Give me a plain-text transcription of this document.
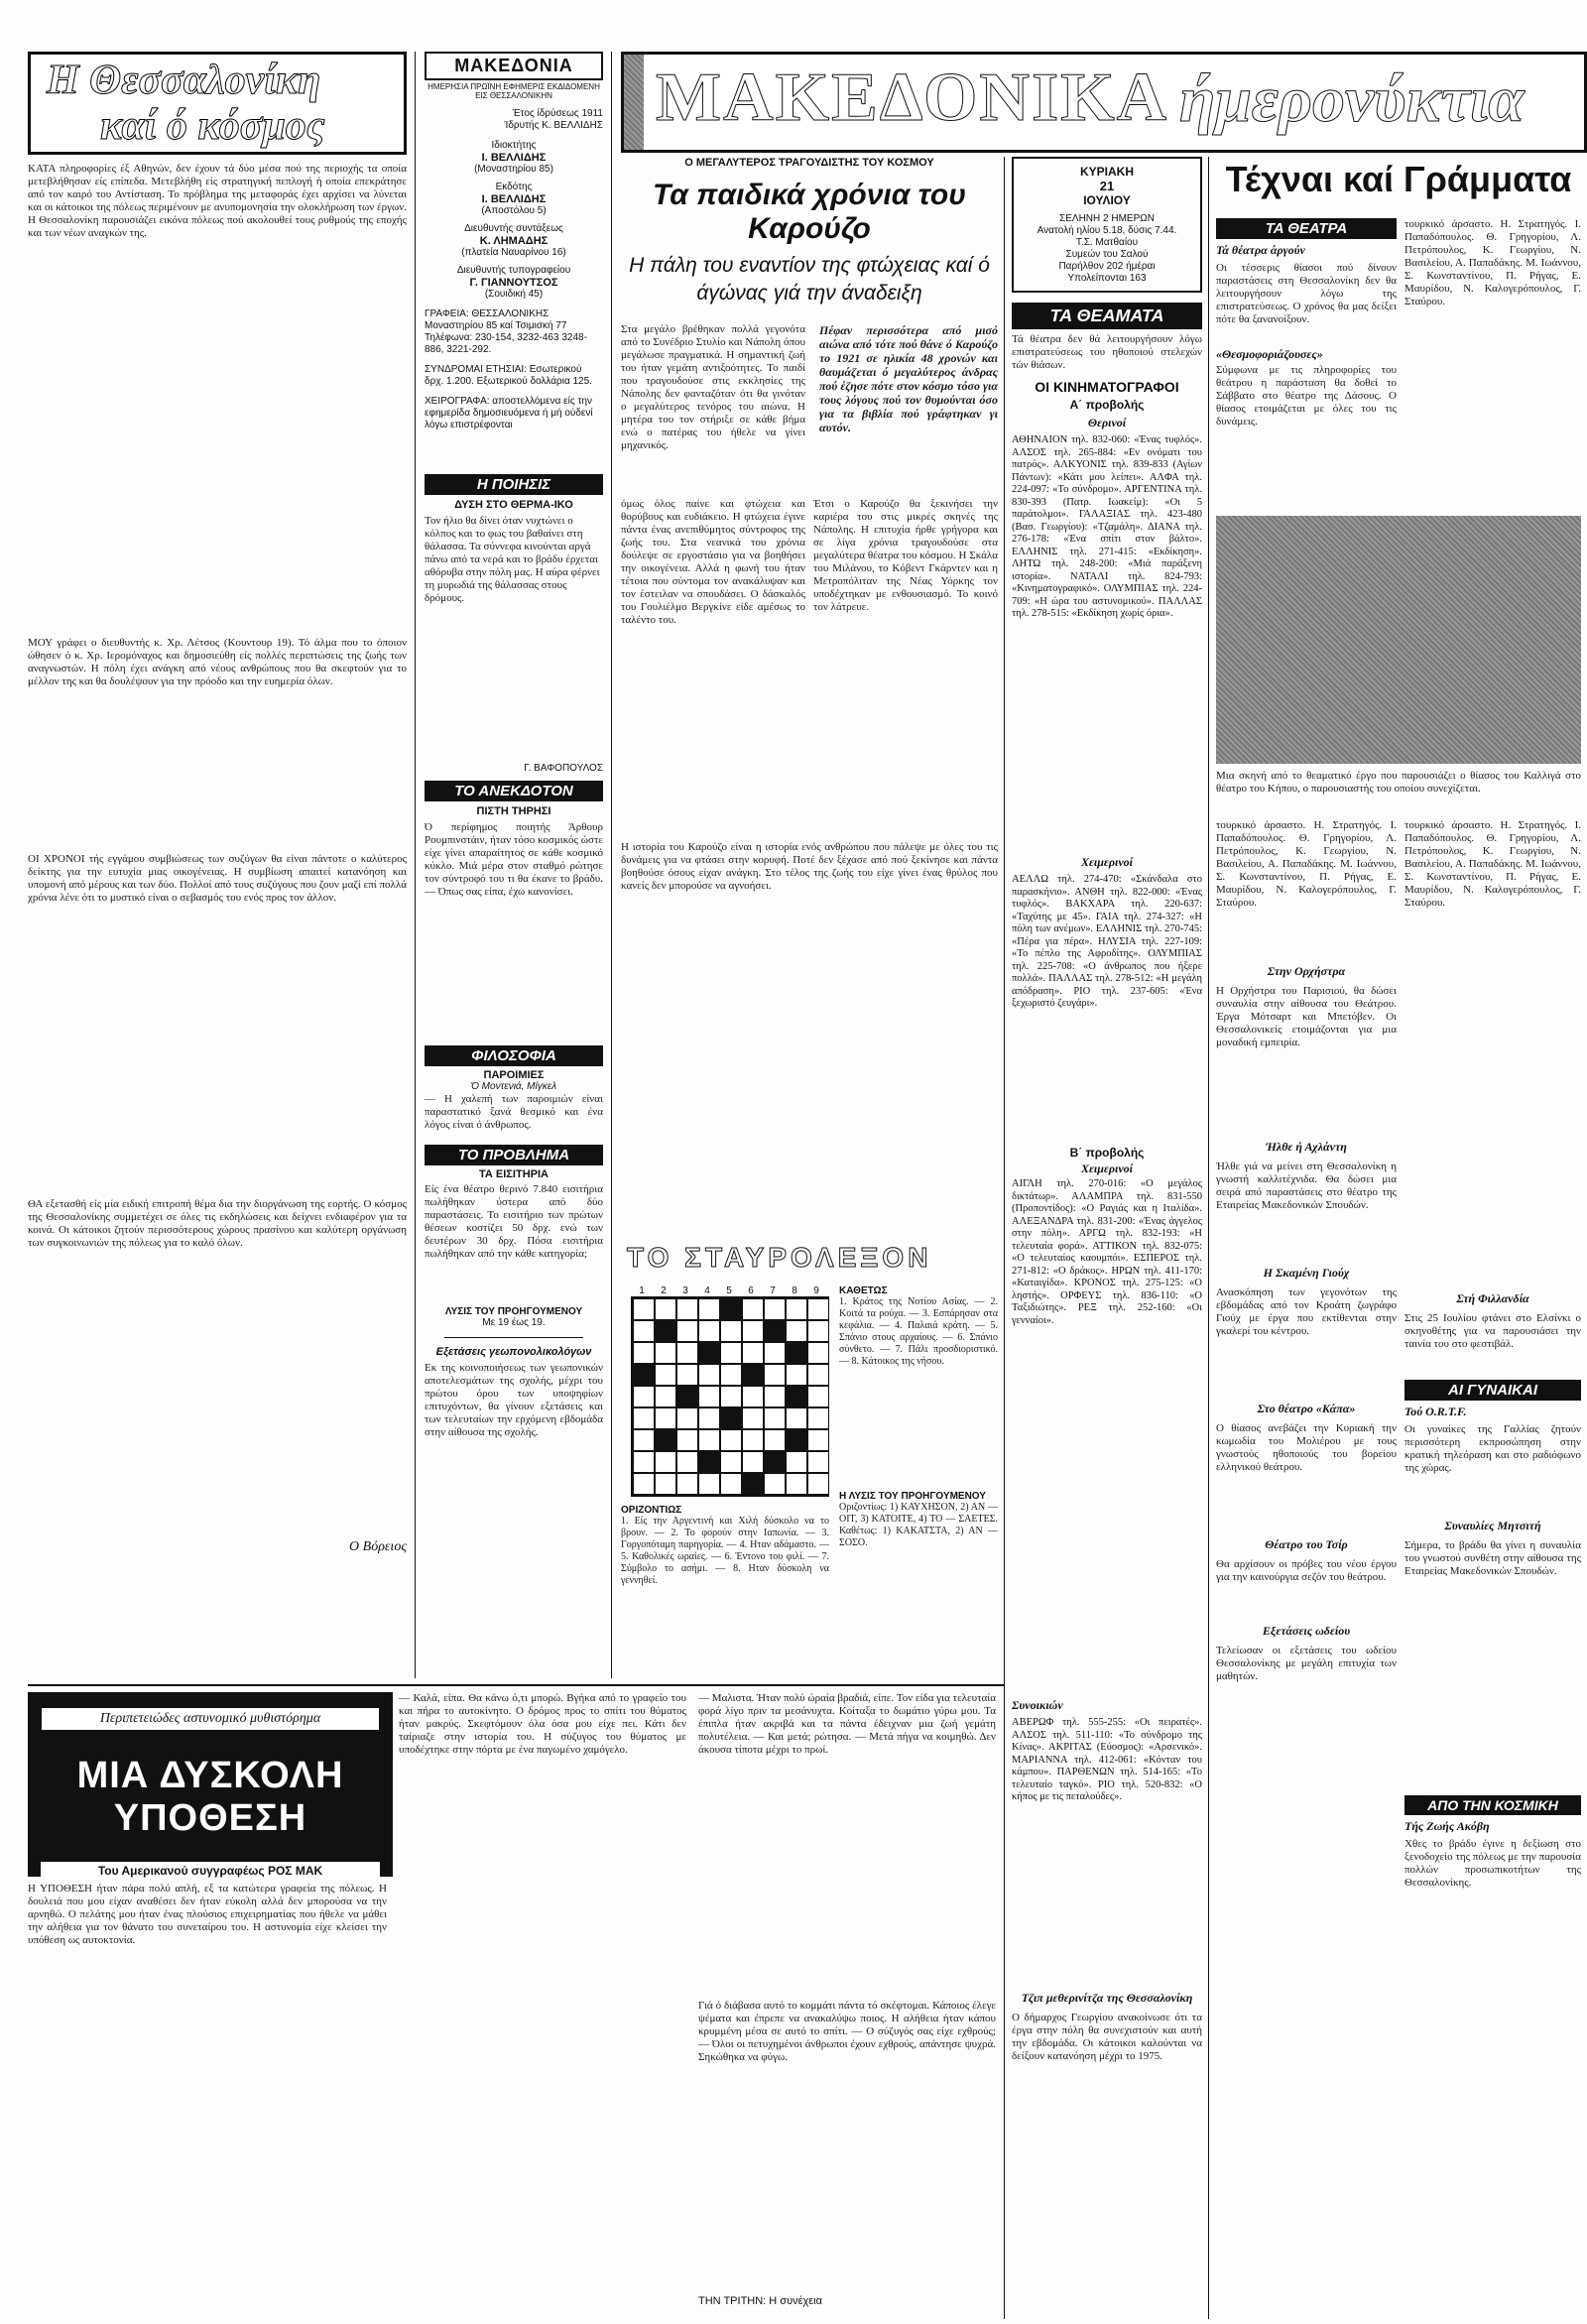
Η Θεσσαλονίκη
καί ό κόσμος
ΚΑΤΑ πληροφορίες έξ Αθηνών, δεν έχουν τά δύο μέσα πού της περιοχής τα οποία μετεβλήθησαν είς επίπεδα. Μετεβλήθη είς στρατηγική πεπλογή ή οποία επεκράτησε από τον καιρό του Αντίσταση. Το πρόβλημα της μεταφοράς έχει αρχίσει να λύνεται και οι κάτοικοι της πόλεως περιμένουν με ανυπομονησία την ολοκλήρωση των έργων. Η Θεσσαλονίκη παρουσιάζει εικόνα πόλεως πού ακολουθεί τους ρυθμούς της εποχής και των νέων αναγκών της.
ΜΟΥ γράφει ο διευθυντής κ. Χρ. Λέτσος (Κουντουρ 19). Τό άλμα που το όποιον ώθησεν ό κ. Χρ. Ιερομόναχος και δημοσιεύθη είς πολλές περιπτώσεις της ζωής των αναγνωστών. Η πόλη έχει ανάγκη από νέους ανθρώπους που θα σκεφτούν για το μέλλον της και θα δουλέψουν για την πρόοδο και την ευημερία όλων.
ΟΙ ΧΡΟΝΟΙ τής εγγάμου συμβιώσεως των συζύγων θα είναι πάντοτε ο καλύτερος δείκτης για την ευτυχία μιας οικογένειας. Η συμβίωση απαιτεί κατανόηση και υπομονή από μέρους και των δύο. Πολλοί από τους συζύγους που ζουν μαζί επί πολλά χρόνια λένε ότι το μυστικό είναι ο σεβασμός του ενός προς τον άλλον.
ΘΑ εξετασθή είς μία ειδική επιτροπή θέμα δια την διοργάνωση της εορτής. Ο κόσμος της Θεσσαλονίκης συμμετέχει σε όλες τις εκδηλώσεις και δείχνει ενδιαφέρον για τα κοινά. Οι κάτοικοι ζητούν περισσότερους χώρους πρασίνου και καλύτερη οργάνωση των συγκοινωνιών της πόλεως για το καλό όλων.
Ο Βόρειος
ΜΑΚΕΔΟΝΙΑ
ΗΜΕΡΗΣΙΑ ΠΡΩΪΝΗ ΕΦΗΜΕΡΙΣ ΕΚΔΙΔΟΜΕΝΗ ΕΙΣ ΘΕΣΣΑΛΟΝΙΚΗΝ
Έτος ίδρύσεως 1911
Ίδρυτής Κ. ΒΕΛΛΙΔΗΣ
Ιδιοκτήτης
Ι. ΒΕΛΛΙΔΗΣ
(Μοναστηρίου 85)
Εκδότης
Ι. ΒΕΛΛΙΔΗΣ
(Αποστόλου 5)
Διευθυντής συντάξεως
Κ. ΛΗΜΑΔΗΣ
(πλατεία Ναυαρίνου 16)
Διευθυντής τυπογραφείου
Γ. ΓΙΑΝΝΟΥΤΣΟΣ
(Σουιδική 45)
ΓΡΑΦΕΙΑ: ΘΕΣΣΑΛΟΝΙΚΗΣ Μοναστηρίου 85 καί Τσιμισκή 77 Τηλέφωνα: 230-154, 3232-463 3248-886, 3221-292.
ΣΥΝΔΡΟΜΑΙ ΕΤΗΣΙΑΙ: Εσωτερικού δρχ. 1.200. Εξωτερικού δολλάρια 125.
ΧΕΙΡΟΓΡΑΦΑ: αποστελλόμενα είς την εφημερίδα δημοσιευόμενα ή μή ούδενί λόγω επιστρέφονται
Η ΠΟΙΗΣΙΣ
ΔΥΣΗ ΣΤΟ ΘΕΡΜΑ-ΙΚΟ
Τον ήλιο θα δίνει όταν νυχτώνει ο κόλπος και το φως του βαθαίνει στη θάλασσα. Τα σύννεφα κινούνται αργά πάνω από τα νερά και το βράδυ έρχεται αθόρυβα στην πόλη μας. Η αύρα φέρνει τη μυρωδιά της θάλασσας στους δρόμους.
Γ. ΒΑΦΟΠΟΥΛΟΣ
ΤΟ ΑΝΕΚΔΟΤΟΝ
ΠΙΣΤΗ ΤΗΡΗΣΙ
Ό περίφημος ποιητής Άρθουρ Ρουμπινστάιν, ήταν τόσο κοσμικός ώστε είχε γίνει απαραίτητος σε κάθε κοσμικό κύκλο. Μιά μέρα στον σταθμό ρώτησε τον σύντροφό του τι θα έκανε το βράδυ. — Όπως σας είπα, έχω κανονίσει.
ΦΙΛΟΣΟΦΙΑ
ΠΑΡΟΙΜΙΕΣ
Ό Μοντενιά, Μίγκελ
— Η χαλεπή των παροιμιών είναι παραστατικό ξανά θεσμικό και ένα λόγος είναι ό άνθρωπος.
ΤΟ ΠΡΟΒΛΗΜΑ
ΤΑ ΕΙΣΙΤΗΡΙΑ
Είς ένα θέατρο θερινό 7.840 εισιτήρια πωλήθηκαν ύστερα από δύο παραστάσεις. Το εισιτήριο των πρώτων θέσεων κοστίζει 50 δρχ. ενώ των δευτέρων 30 δρχ. Πόσα εισιτήρια πωλήθηκαν από την κάθε κατηγορία;
ΛΥΣΙΣ ΤΟΥ ΠΡΟΗΓΟΥΜΕΝΟΥ
Με 19 έως 19.
Εξετάσεις γεωπονολικολόγων
Εκ της κοινοποιήσεως των γεωπονικών αποτελεσμάτων της σχολής, μέχρι του πρώτου όρου των υποψηφίων επιτυχόντων, θα γίνουν εξετάσεις και των τελευταίων την ερχόμενη εβδομάδα στην αίθουσα της σχολής.
ΜΑΚΕΔΟΝΙΚΑ ήμερονύκτια
Ο ΜΕΓΑΛΥΤΕΡΟΣ ΤΡΑΓΟΥΔΙΣΤΗΣ ΤΟΥ ΚΟΣΜΟΥ
Τα παιδικά χρόνια του Καρούζο
Η πάλη του εναντίον της φτώχειας καί ό άγώνας γιά την άναδειξη
Πέφαν περισσότερα από μισό αιώνα από τότε πού θάνε ό Καρούζο το 1921 σε ηλικία 48 χρονών και θαυμάζεται ό μεγαλύτερος άνδρας πού έζησε πότε στον κόσμο τόσο για τους λόγους πού τον θυμούνται όσο για τα βιβλία πού γράφτηκαν γι αυτόν.
Στα μεγάλο βρέθηκαν πολλά γεγονότα από το Συνέδριο Στυλίο και Νάπολη όπου μεγάλωσε πραγματικά. Η σημαντική ζωή του ήταν γεμάτη αντιξοότητες. Το παιδί που τραγουδούσε στις εκκλησίες της Νάπολης δεν φανταζόταν ότι θα γινόταν ο μεγαλύτερος τενόρος του αιώνα. Η μητέρα του τον στήριξε σε κάθε βήμα ενώ ο πατέρας του ήθελε να γίνει μηχανικός.
όμως όλος παίνε και φτώχεια και θορύβους και ευδιάκειο. Η φτώχεια έγινε πάντα ένας ανεπιθύμητος σύντροφος της ζωής του. Στα νεανικά του χρόνια δούλεψε σε εργοστάσιο για να βοηθήσει την οικογένεια. Αλλά η φωνή του ήταν τέτοια που σύντομα τον ανακάλυψαν και τον έστειλαν να σπουδάσει. Ο δάσκαλός του Γουλιέλμο Βεργκίνε είδε αμέσως το ταλέντο του.
Έτσι ο Καρούζο θα ξεκινήσει την καριέρα του στις μικρές σκηνές της Νάπολης. Η επιτυχία ήρθε γρήγορα και σε λίγα χρόνια τραγουδούσε στα μεγαλύτερα θέατρα του κόσμου. Η Σκάλα του Μιλάνου, το Κόβεντ Γκάρντεν και η Μετροπόλιταν της Νέας Υόρκης τον υποδέχτηκαν με ενθουσιασμό. Το κοινό τον λάτρευε.
Η ιστορία του Καρούζο είναι η ιστορία ενός ανθρώπου που πάλεψε με όλες του τις δυνάμεις για να φτάσει στην κορυφή. Ποτέ δεν ξέχασε από πού ξεκίνησε και πάντα βοηθούσε όσους είχαν ανάγκη. Στο τέλος της ζωής του είχε γίνει ένας θρύλος που κανείς δεν μπορούσε να αγνοήσει.
ΤΟ ΣΤΑΥΡΟΛΕΞΟΝ
1	2	3	4	5	6	7	8	9
ΟΡΙΖΟΝΤΙΩΣ
1. Είς την Αργεντινή και Χιλή δύσκολο να το βρουν. — 2. Το φορούν στην Ιαπωνία. — 3. Γοργοπόταμη παρηγορία. — 4. Ηταν αδάμαστο. — 5. Καθολικές ωραίες. — 6. Έντονο του φιλί. — 7. Σύμβολο το ασήμι. — 8. Ηταν δύσκολη να γεννηθεί.
ΚΑΘΕΤΩΣ
1. Κράτος της Νοτίου Ασίας. — 2. Κοιτά τα ρούχα. — 3. Εσπάρησαν στα κεφάλια. — 4. Παλαιά κράτη. — 5. Σπάνιο στους αρχαίους. — 6. Σπάνιο σύνθετο. — 7. Πάλι προσδιοριστικό. — 8. Κάτοικος της νήσου.
Η ΛΥΣΙΣ ΤΟΥ ΠΡΟΗΓΟΥΜΕΝΟΥ
Οριζοντίως: 1) ΚΑΥΧΗΣΟΝ, 2) ΑΝ — ΟΙΤ, 3) ΚΑΤΟΙΤΕ, 4) ΤΟ — ΣΑΕΤΕΣ. Καθέτως: 1) ΚΑΚΑΤΣΤΑ, 2) ΑΝ — ΣΟΣΟ.
ΚΥΡΙΑΚΗ
21
ΙΟΥΛΙΟΥ
ΣΕΛΗΝΗ 2 ΗΜΕΡΩΝ
Ανατολή ηλίου 5.18, δύσις 7.44.
Τ.Σ. Ματθαίου
Συμεών του Σαλού
Παρήλθον 202 ήμέραι
Υπολείπονται 163
ΤΑ ΘΕΑΜΑΤΑ
Τά θέατρα δεν θά λειτουργήσουν λόγω επιστρατεύσεως του ηθοποιού στελεχών τών θιάσων.
ΟΙ ΚΙΝΗΜΑΤΟΓΡΑΦΟΙ
Α΄ προβολής
Θερινοί
ΑΘΗΝΑΙΟΝ τηλ. 832-060: «Ένας τυφλός». ΑΛΣΟΣ τηλ. 265-884: «Εν ονόματι του πατρός». ΑΛΚΥΟΝΙΣ τηλ. 839-833 (Αγίων Πάντων): «Κάτι μου λείπει». ΑΛΦΑ τηλ. 224-097: «Το σύνδρομο». ΑΡΓΕΝΤΙΝΑ τηλ. 830-393 (Πατρ. Ιωακείμ): «Οι 5 παράτολμοι». ΓΑΛΑΞΙΑΣ τηλ. 423-480 (Βασ. Γεωργίου): «Τζαμάλη». ΔΙΑΝΑ τηλ. 276-178: «Ένα σπίτι στον βάλτο». ΕΛΛΗΝΙΣ τηλ. 271-415: «Εκδίκηση». ΛΗΤΩ τηλ. 248-200: «Μιά παράξενη ιστορία». ΝΑΤΑΛΙ τηλ. 824-793: «Κινηματογραφικό». ΟΛΥΜΠΙΑΣ τηλ. 224-709: «Η ώρα του αστυνομικού». ΠΑΛΛΑΣ τηλ. 278-515: «Εκδίκηση χωρίς όρια».
Χειμερινοί
ΑΕΛΛΩ τηλ. 274-470: «Σκάνδαλα στο παρασκήνιο». ΑΝΘΗ τηλ. 822-000: «Ένας τυφλός». ΒΑΚΧΑΡΑ τηλ. 220-637: «Ταχύτης με 45». ΓΑΙΑ τηλ. 274-327: «Η πόλη των ανέμων». ΕΛΛΗΝΙΣ τηλ. 270-745: «Πέρα για πέρα». ΗΛΥΣΙΑ τηλ. 227-109: «Το πέπλο της Αφροδίτης». ΟΛΥΜΠΙΑΣ τηλ. 225-708: «Ο άνθρωπος που ήξερε πολλά». ΠΑΛΛΑΣ τηλ. 278-512: «Η μεγάλη απόδραση». ΡΙΟ τηλ. 237-605: «Ένα ξεχωριστό ζευγάρι».
Β΄ προβολής
Χειμερινοί
ΑΙΓΛΗ τηλ. 270-016: «Ο μεγάλος δικτάτωρ». ΑΛΑΜΠΡΑ τηλ. 831-550 (Προποντίδος): «Ο Ραγιάς και η Ιταλίδα». ΑΛΕΞΑΝΔΡΑ τηλ. 831-200: «Ένας άγγελος στην πόλη». ΑΡΓΩ τηλ. 832-193: «Η τελευταία φορά». ΑΤΤΙΚΟΝ τηλ. 832-075: «Ο τελευταίος καουμπόι». ΕΣΠΕΡΟΣ τηλ. 271-812: «Ο δράκος». ΗΡΩΝ τηλ. 411-170: «Καταιγίδα». ΚΡΟΝΟΣ τηλ. 275-125: «Ο ληστής». ΟΡΦΕΥΣ τηλ. 836-110: «Ο Ταξιδιώτης». ΡΕΞ τηλ. 252-160: «Οι γενναίοι».
Συνοικιών
ΑΒΕΡΩΦ τηλ. 555-255: «Οι πειρατές». ΑΛΣΟΣ τηλ. 511-110: «Το σύνδρομο της Κίνας». ΑΚΡΙΤΑΣ (Εύοσμος): «Αρσενικό». ΜΑΡΙΑΝΝΑ τηλ. 412-061: «Κόνταν του κάμπου». ΠΑΡΘΕΝΩΝ τηλ. 514-165: «Το τελευταίο ταγκό». ΡΙΟ τηλ. 520-832: «Ο κήπος με τις πεταλούδες».
Τζιπ μεθερινίτζα της Θεσσαλονίκη
Ο δήμαρχος Γεωργίου ανακοίνωσε ότι τα έργα στην πόλη θα συνεχιστούν και αυτή την εβδομάδα. Οι κάτοικοι καλούνται να δείξουν κατανόηση μέχρι το 1975.
Τέχναι καί Γράμματα
ΤΑ ΘΕΑΤΡΑ
Τά θέατρα άργούν
Οι τέσσερις θίασοι πού δίνουν παραστάσεις στη Θεσσαλονίκη δεν θα λειτουργήσουν λόγω της επιστρατεύσεως. Ο χρόνος θα μας δείξει πότε θα ξανανοίξουν.
«Θεσμοφοριάζουσες»
Σύμφωνα με τις πληροφορίες του θεάτρου η παράσταση θα δοθεί το Σάββατο στο θέατρο της Δάσους. Ο θίασος ετοιμάζεται με όλες του τις δυνάμεις.
τουρκικό άρσαστο. Η. Στρατηγός. Ι. Παπαδόπουλος. Θ. Γρηγορίου, Λ. Πετρόπουλος, Κ. Γεωργίου, Ν. Βασιλείου, Α. Παπαδάκης. Μ. Ιωάννου, Σ. Κωνσταντίνου, Π. Ρήγας, Ε. Μαυρίδου, Ν. Καλογερόπουλος, Γ. Σταύρου.
Μια σκηνή από το θεαματικό έργο που παρουσιάζει ο θίασος του Καλλιγά στο θέατρο του Κήπου, ο παρουσιαστής του οποίου συνεχίζεται.
τουρκικό άρσαστο. Η. Στρατηγός. Ι. Παπαδόπουλος. Θ. Γρηγορίου, Λ. Πετρόπουλος, Κ. Γεωργίου, Ν. Βασιλείου, Α. Παπαδάκης. Μ. Ιωάννου, Σ. Κωνσταντίνου, Π. Ρήγας, Ε. Μαυρίδου, Ν. Καλογερόπουλος, Γ. Σταύρου.
Στην Ορχήστρα
Η Ορχήστρα του Παρισιού, θα δώσει συναυλία στην αίθουσα του Θεάτρου. Έργα Μότσαρτ και Μπετόβεν. Οι Θεσσαλονικείς ετοιμάζονται για μια μοναδική εμπειρία.
Ήλθε ή Αχλάντη
Ήλθε γιά να μείνει στη Θεσσαλονίκη η γνωστή καλλιτέχνιδα. Θα δώσει μια σειρά από παραστάσεις στο θέατρο της Εταιρείας Μακεδονικών Σπουδών.
Η Σκαμένη Γιούχ
Ανασκόπηση των γεγονότων της εβδομάδας από τον Κροάτη ζωγράφο Γιούχ με έργα που εκτίθενται στην γκαλερί του κέντρου.
Στο θέατρο «Κάπα»
Ο θίασος ανεβάζει την Κυριακή την κωμωδία του Μολιέρου με τους γνωστούς ηθοποιούς του βορείου ελληνικού θεάτρου.
Θέατρο του Τσίρ
Θα αρχίσουν οι πρόβες του νέου έργου για την καινούργια σεζόν του θεάτρου.
Εξετάσεις ωδείου
Τελείωσαν οι εξετάσεις του ωδείου Θεσσαλονίκης με μεγάλη επιτυχία των μαθητών.
τουρκικό άρσαστο. Η. Στρατηγός. Ι. Παπαδόπουλος. Θ. Γρηγορίου, Λ. Πετρόπουλος, Κ. Γεωργίου, Ν. Βασιλείου, Α. Παπαδάκης. Μ. Ιωάννου, Σ. Κωνσταντίνου, Π. Ρήγας, Ε. Μαυρίδου, Ν. Καλογερόπουλος, Γ. Σταύρου.
Στή Φιλλανδία
Στις 25 Ιουλίου φτάνει στο Ελσίνκι ο σκηνοθέτης για να παρουσιάσει την ταινία του στο φεστιβάλ.
ΑΙ ΓΥΝΑΙΚΑΙ
Τού Ο.R.T.F.
Οι γυναίκες της Γαλλίας ζητούν περισσότερη εκπροσώπηση στην κρατική τηλεόραση και στο ραδιόφωνο της χώρας.
Συναυλίες Μητσιτή
Σήμερα, το βράδυ θα γίνει η συναυλία του γνωστού συνθέτη στην αίθουσα της Εταιρείας Μακεδονικών Σπουδών.
ΑΠΟ ΤΗΝ ΚΟΣΜΙΚΗ
Τής Ζωής Ακόβη
Χθες το βράδυ έγινε η δεξίωση στο ξενοδοχείο της πόλεως με την παρουσία πολλών προσωπικοτήτων της Θεσσαλονίκης.
Περιπετειώδες αστυνομικό μυθιστόρημα
ΜΙΑ ΔΥΣΚΟΛΗ ΥΠΟΘΕΣΗ
Του Αμερικανού συγγραφέως ΡΟΣ ΜΑΚ
Η ΥΠΟΘΕΣΗ ήταν πάρα πολύ απλή, εξ τα κατώτερα γραφεία της πόλεως. Η δουλειά που μου είχαν αναθέσει δεν ήταν εύκολη αλλά δεν μπορούσα να την αρνηθώ. Ο πελάτης μου ήταν ένας πλούσιος επιχειρηματίας που ήθελε να μάθει την αλήθεια για τον θάνατο του συνεταίρου του. Η αστυνομία είχε κλείσει την υπόθεση ως αυτοκτονία.
— Καλά, είπα. Θα κάνω ό,τι μπορώ. Βγήκα από το γραφείο του και πήρα το αυτοκίνητο. Ο δρόμος προς το σπίτι του θύματος ήταν μακρύς. Σκεφτόμουν όλα όσα μου είχε πει. Κάτι δεν ταίριαζε στην ιστορία του. Η σύζυγος του θύματος με υποδέχτηκε στην πόρτα με ένα παγωμένο χαμόγελο.
— Μαλιστα. Ήταν πολύ ώραία βραδιά, είπε. Τον είδα για τελευταία φορά λίγο πριν τα μεσάνυχτα. Κοίταξα το δωμάτιο γύρω μου. Τα έπιπλα ήταν ακριβά και τα πάντα έδειχναν μια ζωή γεμάτη πολυτέλεια. — Και μετά; ρώτησα. — Μετά πήγα να κοιμηθώ. Δεν άκουσα τίποτα μέχρι το πρωί.
Γιά ό διάβασα αυτό το κομμάτι πάντα τό σκέφτομαι. Κάποιος έλεγε ψέματα και έπρεπε να ανακαλύψω ποιος. Η αλήθεια ήταν κάπου κρυμμένη μέσα σε αυτό το σπίτι. — Ο σύζυγός σας είχε εχθρούς; — Όλοι οι πετυχημένοι άνθρωποι έχουν εχθρούς, απάντησε ψυχρά. Σηκώθηκα να φύγω.
ΤΗΝ ΤΡΙΤΗΝ: Η συνέχεια
